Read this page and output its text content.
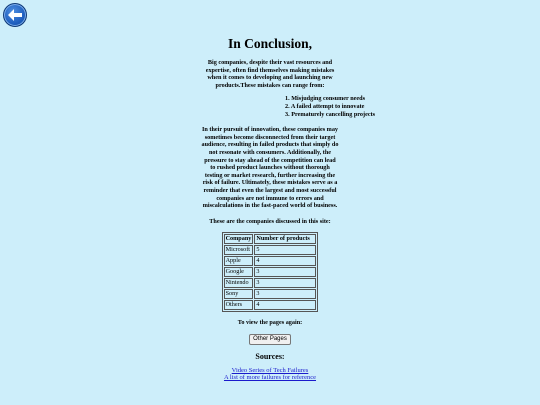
In Conclusion,
Big companies, despite their vast resources and expertise, often find themselves making mistakes when it comes to developing and launching new products.These mistakes can range from:
1. Misjudging consumer needs
2. A failed attempt to innovate
3. Prematurely cancelling projects
In their pursuit of innovation, these companies may sometimes become disconnected from their target audience, resulting in failed products that simply do not resonate with consumers. Additionally, the pressure to stay ahead of the competition can lead to rushed product launches without thorough testing or market research, further increasing the risk of failure. Ultimately, these mistakes serve as a reminder that even the largest and most successful companies are not immune to errors and miscalculations in the fast-paced world of business.
These are the companies discussed in this site:
Company	Number of products
Microsoft	5
Apple	4
Google	3
Nintendo	3
Sony	3
Others	4
To view the pages again:
Other Pages
Sources:
Video Series of Tech Failures
A list of more failures for reference
